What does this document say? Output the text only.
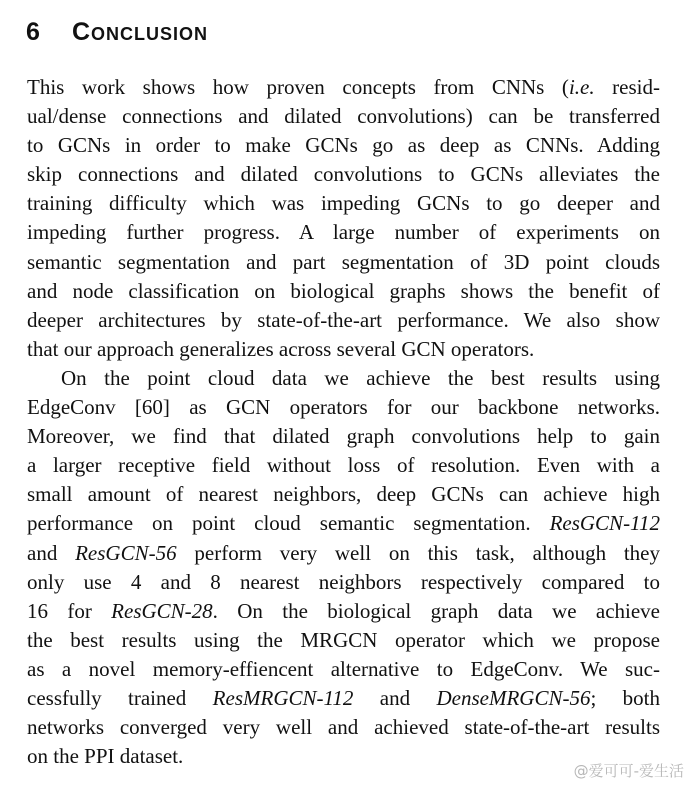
6 Conclusion
This work shows how proven concepts from CNNs (i.e. resid-
ual/dense connections and dilated convolutions) can be transferred
to GCNs in order to make GCNs go as deep as CNNs. Adding
skip connections and dilated convolutions to GCNs alleviates the
training difficulty which was impeding GCNs to go deeper and
impeding further progress. A large number of experiments on
semantic segmentation and part segmentation of 3D point clouds
and node classification on biological graphs shows the benefit of
deeper architectures by state-of-the-art performance. We also show
that our approach generalizes across several GCN operators.
On the point cloud data we achieve the best results using
EdgeConv [60] as GCN operators for our backbone networks.
Moreover, we find that dilated graph convolutions help to gain
a larger receptive field without loss of resolution. Even with a
small amount of nearest neighbors, deep GCNs can achieve high
performance on point cloud semantic segmentation. ResGCN-112
and ResGCN-56 perform very well on this task, although they
only use 4 and 8 nearest neighbors respectively compared to
16 for ResGCN-28. On the biological graph data we achieve
the best results using the MRGCN operator which we propose
as a novel memory-effiencent alternative to EdgeConv. We suc-
cessfully trained ResMRGCN-112 and DenseMRGCN-56; both
networks converged very well and achieved state-of-the-art results
on the PPI dataset.
@爱可可-爱生活
